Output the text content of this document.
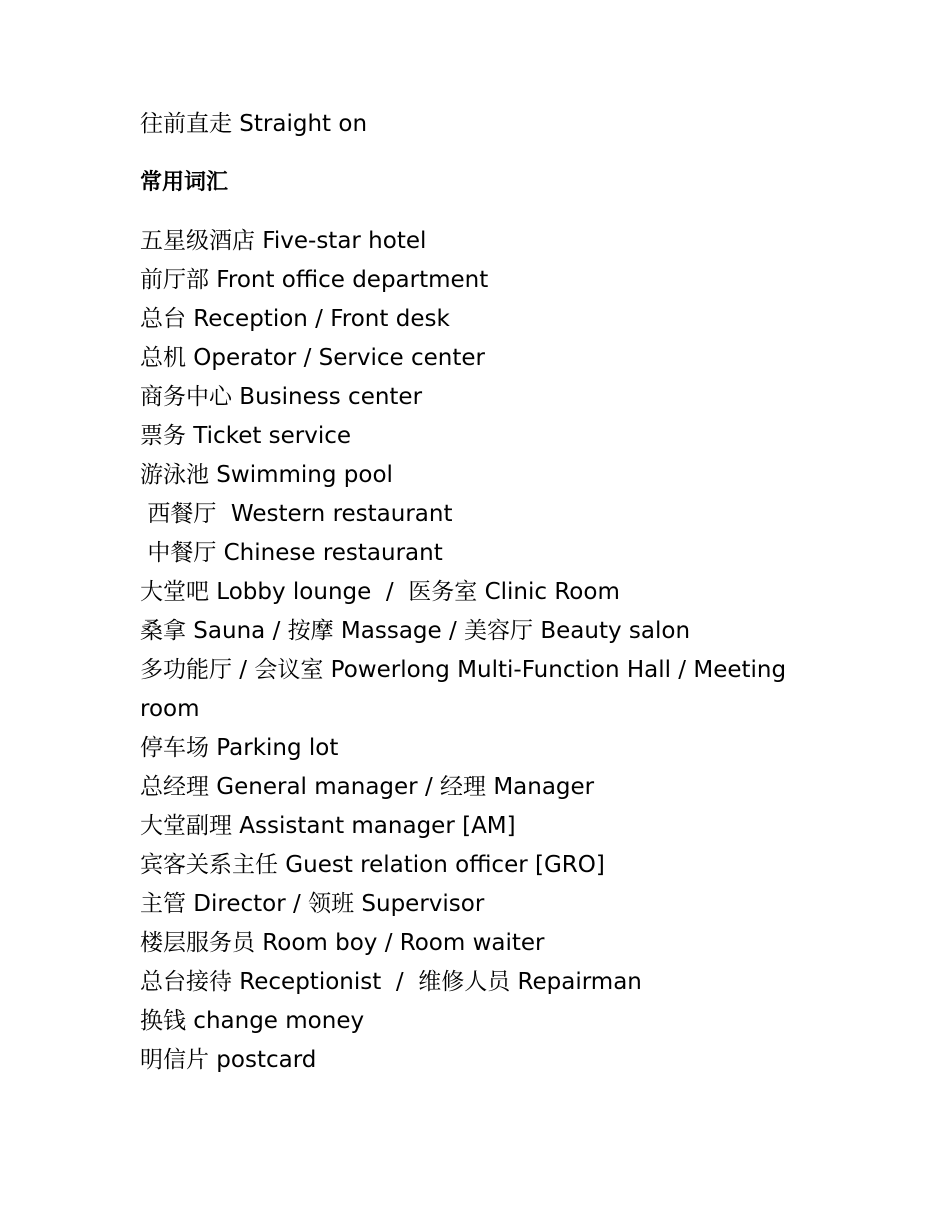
往前直走 Straight on

常用词汇
五星级酒店 Five-star hotel
前厅部 Front office department
总台 Reception / Front desk
总机 Operator / Service center
商务中心 Business center
票务 Ticket service
游泳池 Swimming pool
西餐厅  Western restaurant
中餐厅 Chinese restaurant
大堂吧 Lobby lounge  /  医务室 Clinic Room
桑拿 Sauna / 按摩 Massage / 美容厅 Beauty salon
多功能厅 / 会议室 Powerlong Multi-Function Hall / Meeting room
停车场 Parking lot
总经理 General manager / 经理 Manager
大堂副理 Assistant manager [AM]
宾客关系主任 Guest relation officer [GRO]
主管 Director / 领班 Supervisor
楼层服务员 Room boy / Room waiter
总台接待 Receptionist  /  维修人员 Repairman
换钱 change money
明信片 postcard
